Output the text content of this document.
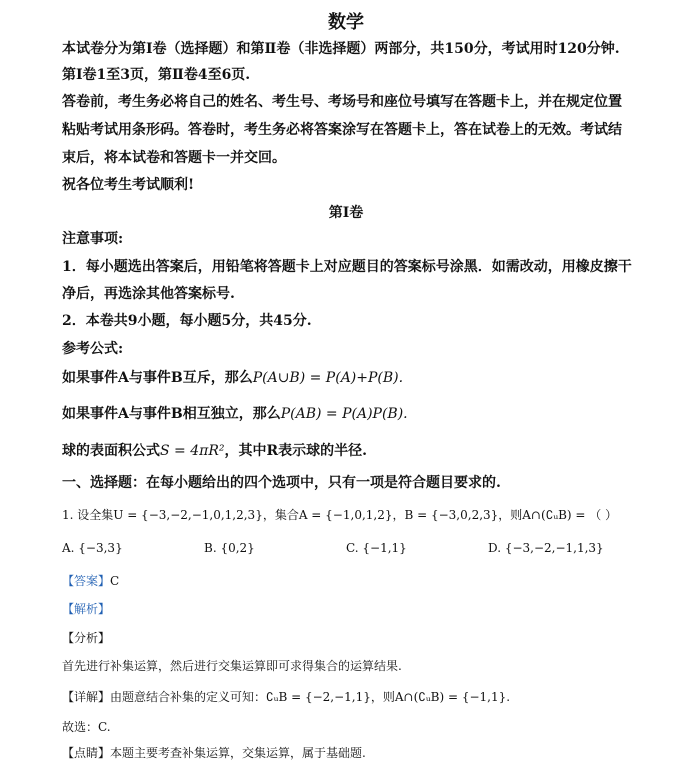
数学
本试卷分为第Ⅰ卷（选择题）和第Ⅱ卷（非选择题）两部分，共150分，考试用时120分钟.
第Ⅰ卷1至3页，第Ⅱ卷4至6页.
答卷前，考生务必将自己的姓名、考生号、考场号和座位号填写在答题卡上，并在规定位置
粘贴考试用条形码。答卷时，考生务必将答案涂写在答题卡上，答在试卷上的无效。考试结
束后，将本试卷和答题卡一并交回。
祝各位考生考试顺利!
第Ⅰ卷
注意事项:
1．每小题选出答案后，用铅笔将答题卡上对应题目的答案标号涂黑．如需改动，用橡皮擦干
净后，再选涂其他答案标号.
2．本卷共9小题，每小题5分，共45分.
参考公式:
如果事件A与事件B互斥，那么P(A∪B) = P(A)+P(B).
如果事件A与事件B相互独立，那么P(AB) = P(A)P(B).
球的表面积公式S = 4πR²，其中R表示球的半径.
一、选择题：在每小题给出的四个选项中，只有一项是符合题目要求的.
1. 设全集U = {−3,−2,−1,0,1,2,3}，集合A = {−1,0,1,2}，B = {−3,0,2,3}，则A∩(∁ᵤB) = （ ）
A. {−3,3}	B. {0,2}	C. {−1,1}	D. {−3,−2,−1,1,3}
【答案】C
【解析】
【分析】
首先进行补集运算，然后进行交集运算即可求得集合的运算结果.
【详解】由题意结合补集的定义可知：∁ᵤB = {−2,−1,1}，则A∩(∁ᵤB) = {−1,1}.
故选：C.
【点睛】本题主要考查补集运算，交集运算，属于基础题.
